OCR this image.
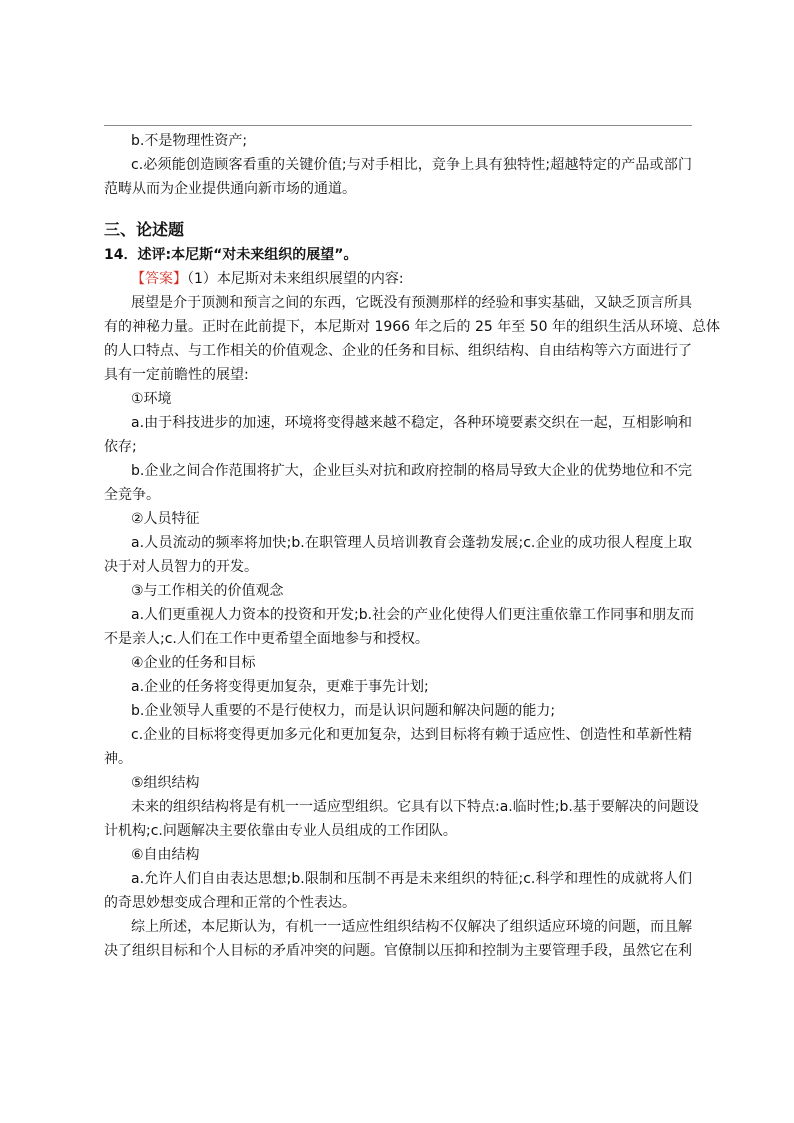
b.不是物理性资产;
c.必须能创造顾客看重的关键价值;与对手相比，竞争上具有独特性;超越特定的产品或部门
范畴从而为企业提供通向新市场的通道。
三、论述题
14．述评:本尼斯“对未来组织的展望”。
【答案】（1）本尼斯对未来组织展望的内容:
展望是介于顶测和预言之间的东西，它既没有预测那样的经验和事实基础，又缺乏顶言所具
有的神秘力量。正时在此前提下，本尼斯对 1966 年之后的 25 年至 50 年的组织生活从环境、总体
的人口特点、与工作相关的价值观念、企业的任务和目标、组织结构、自由结构等六方面进行了
具有一定前瞻性的展望:
①环境
a.由于科技进步的加速，环境将变得越来越不稳定，各种环境要素交织在一起，互相影响和
依存;
b.企业之间合作范围将扩大，企业巨头对抗和政府控制的格局导致大企业的优势地位和不完
全竞争。
②人员特征
a.人员流动的频率将加快;b.在职管理人员培训教育会蓬勃发展;c.企业的成功很人程度上取
决于对人员智力的开发。
③与工作相关的价值观念
a.人们更重视人力资本的投资和开发;b.社会的产业化使得人们更注重依靠工作同事和朋友而
不是亲人;c.人们在工作中更希望全面地参与和授权。
④企业的任务和目标
a.企业的任务将变得更加复杂，更难于事先计划;
b.企业领导人重要的不是行使权力，而是认识问题和解决问题的能力;
c.企业的目标将变得更加多元化和更加复杂，达到目标将有赖于适应性、创造性和革新性精
神。
⑤组织结构
未来的组织结构将是有机一一适应型组织。它具有以下特点:a.临时性;b.基于要解决的问题设
计机构;c.问题解决主要依靠由专业人员组成的工作团队。
⑥自由结构
a.允许人们自由表达思想;b.限制和压制不再是未来组织的特征;c.科学和理性的成就将人们
的奇思妙想变成合理和正常的个性表达。
综上所述，本尼斯认为，有机一一适应性组织结构不仅解决了组织适应环境的问题，而且解
决了组织目标和个人目标的矛盾冲突的问题。官僚制以压抑和控制为主要管理手段，虽然它在利
